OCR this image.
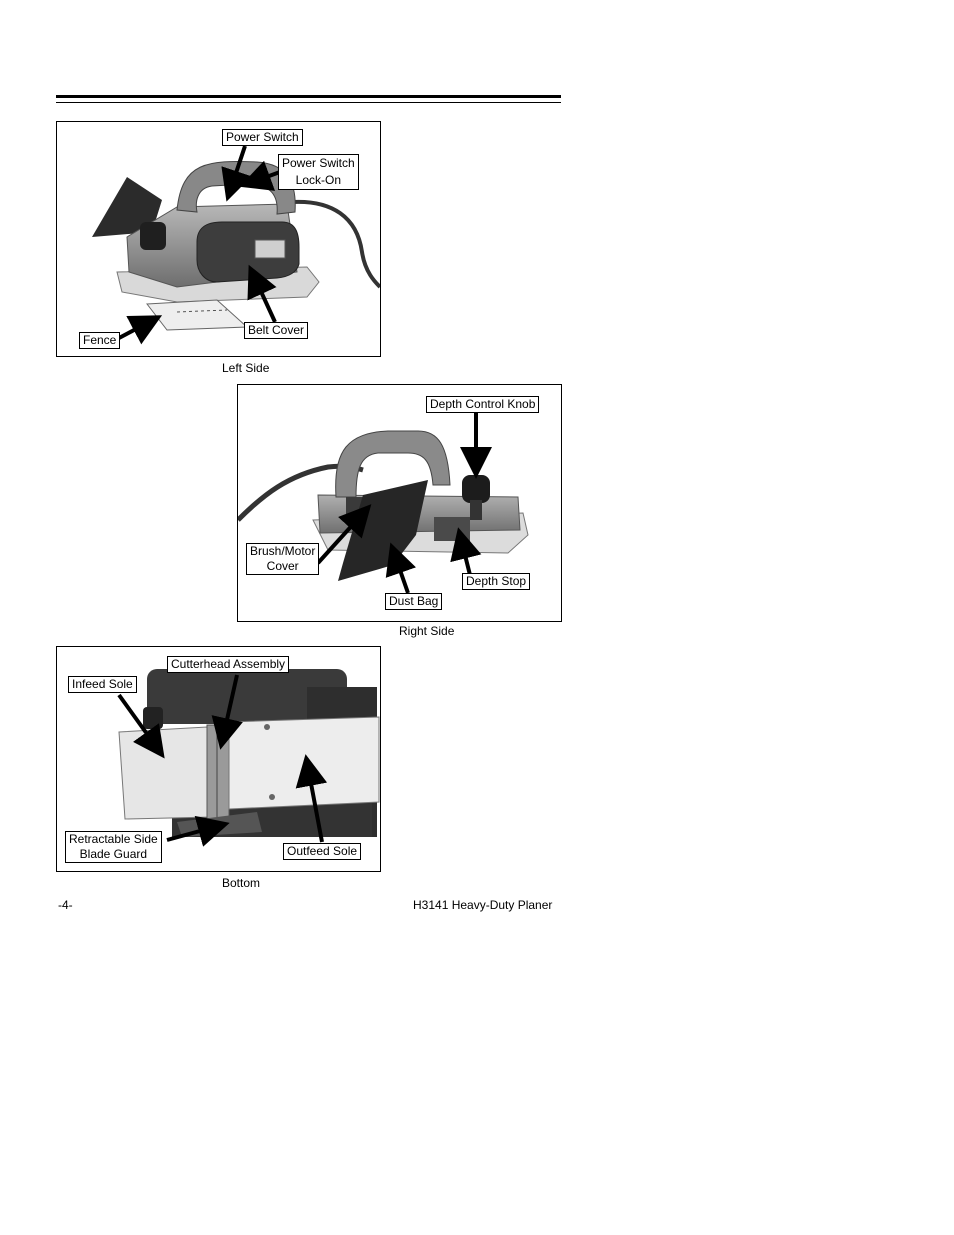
Power Switch
Power Switch
Lock-On
Fence
Belt Cover
Left Side
Depth Control Knob
Brush/Motor
Cover
Depth Stop
Dust Bag
Right Side
Cutterhead Assembly
Infeed Sole
Retractable Side
Blade Guard	Outfeed Sole
Bottom
-4-	H3141 Heavy-Duty Planer
